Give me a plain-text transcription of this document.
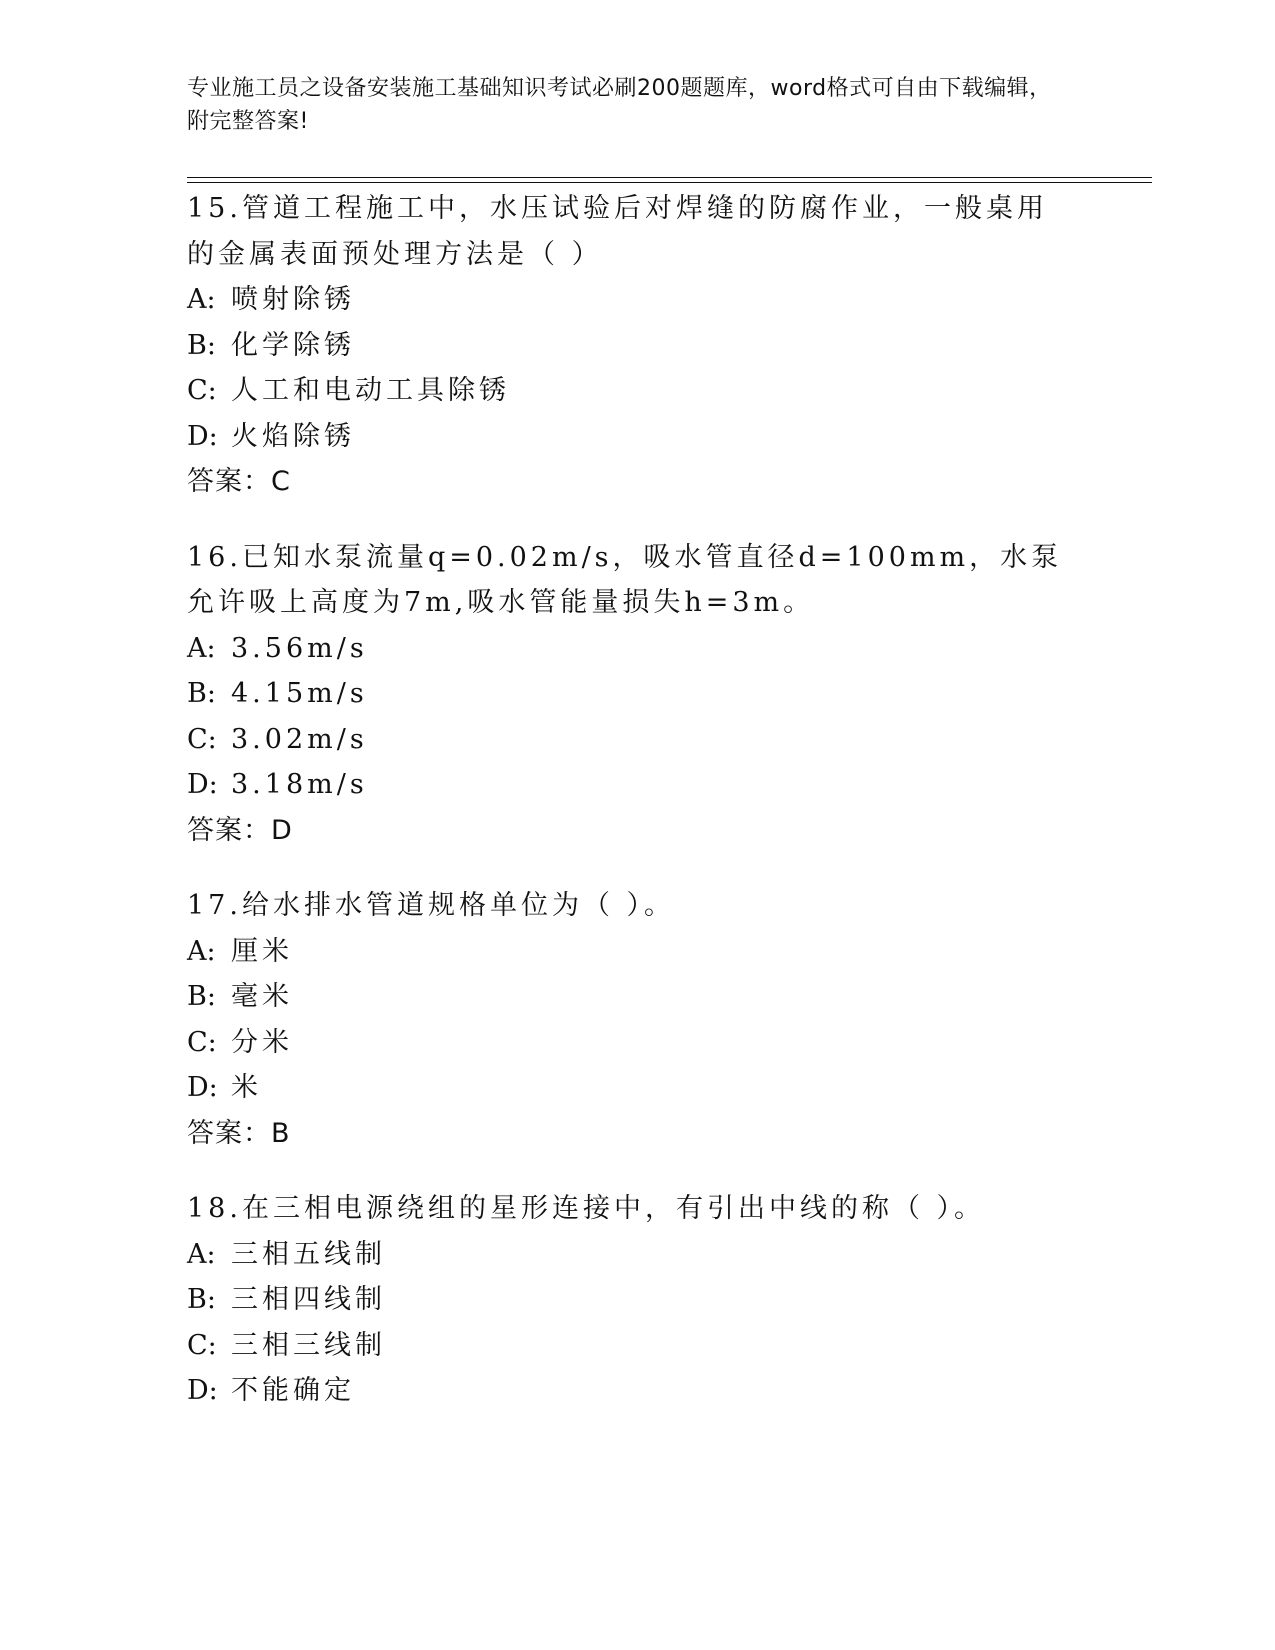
专业施工员之设备安装施工基础知识考试必刷200题题库，word格式可自由下载编辑，附完整答案!
15.管道工程施工中，水压试验后对焊缝的防腐作业，一般桌用的金属表面预处理方法是（ ）
A: 喷射除锈
B: 化学除锈
C: 人工和电动工具除锈
D: 火焰除锈
答案：C
16.已知水泵流量q=0.02m/s，吸水管直径d=100mm，水泵允许吸上高度为7m,吸水管能量损失h=3m。
A: 3.56m/s
B: 4.15m/s
C: 3.02m/s
D: 3.18m/s
答案：D
17.给水排水管道规格单位为（ ）。
A: 厘米
B: 毫米
C: 分米
D: 米
答案：B
18.在三相电源绕组的星形连接中，有引出中线的称（ ）。
A: 三相五线制
B: 三相四线制
C: 三相三线制
D: 不能确定
